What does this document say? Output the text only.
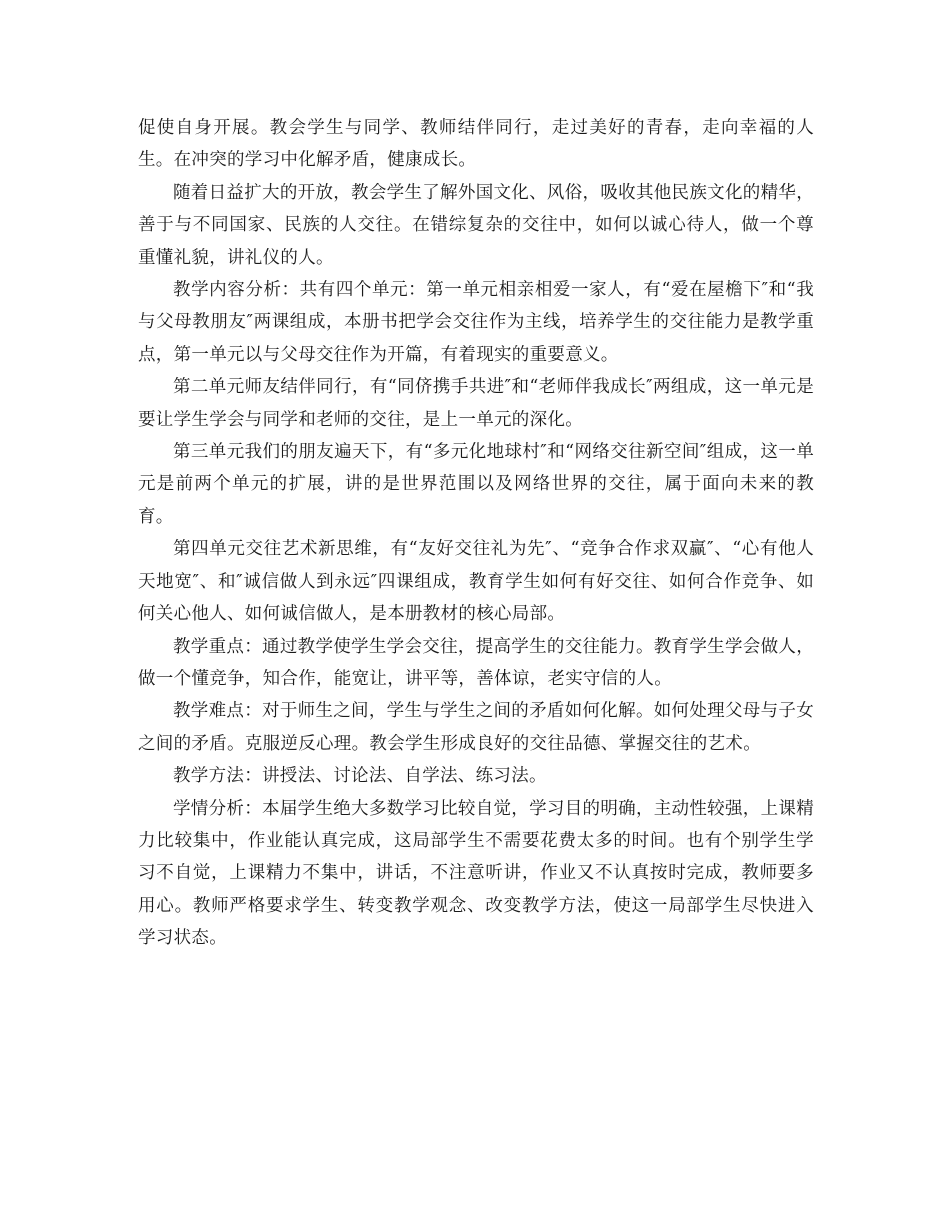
促使自身开展。教会学生与同学、教师结伴同行，走过美好的青春，走向幸福的人生。在冲突的学习中化解矛盾，健康成长。

随着日益扩大的开放，教会学生了解外国文化、风俗，吸收其他民族文化的精华，善于与不同国家、民族的人交往。在错综复杂的交往中，如何以诚心待人，做一个尊重懂礼貌，讲礼仪的人。

教学内容分析：共有四个单元：第一单元相亲相爱一家人，有“爱在屋檐下″和“我与父母教朋友″两课组成，本册书把学会交往作为主线，培养学生的交往能力是教学重点，第一单元以与父母交往作为开篇，有着现实的重要意义。

第二单元师友结伴同行，有“同侪携手共进″和“老师伴我成长″两组成，这一单元是要让学生学会与同学和老师的交往，是上一单元的深化。

第三单元我们的朋友遍天下，有“多元化地球村″和“网络交往新空间″组成，这一单元是前两个单元的扩展，讲的是世界范围以及网络世界的交往，属于面向未来的教育。

第四单元交往艺术新思维，有“友好交往礼为先″、“竞争合作求双赢″、“心有他人天地宽″、和″诚信做人到永远″四课组成，教育学生如何有好交往、如何合作竞争、如何关心他人、如何诚信做人，是本册教材的核心局部。

教学重点：通过教学使学生学会交往，提高学生的交往能力。教育学生学会做人，做一个懂竞争，知合作，能宽让，讲平等，善体谅，老实守信的人。

教学难点：对于师生之间，学生与学生之间的矛盾如何化解。如何处理父母与子女之间的矛盾。克服逆反心理。教会学生形成良好的交往品德、掌握交往的艺术。

教学方法：讲授法、讨论法、自学法、练习法。

学情分析：本届学生绝大多数学习比较自觉，学习目的明确，主动性较强，上课精力比较集中，作业能认真完成，这局部学生不需要花费太多的时间。也有个别学生学习不自觉，上课精力不集中，讲话，不注意听讲，作业又不认真按时完成，教师要多用心。教师严格要求学生、转变教学观念、改变教学方法，使这一局部学生尽快进入学习状态。
